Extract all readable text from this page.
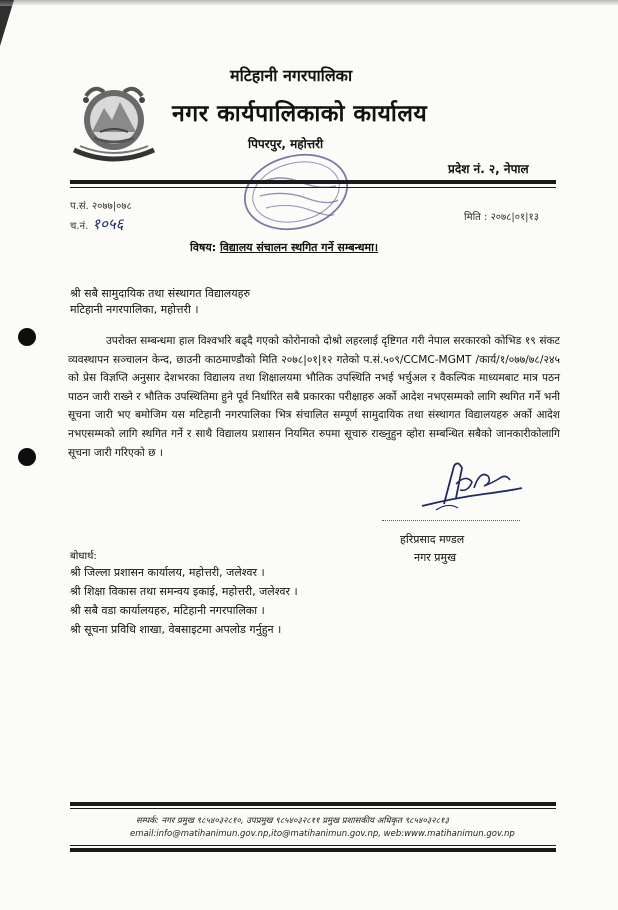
मटिहानी नगरपालिका
नगर कार्यपालिकाको कार्यालय
पिपरपुर, महोत्तरी
प्रदेश नं. २, नेपाल
प.सं. २०७७|०७८
च.नं. १०५६	मिति : २०७८|०१|१३
विषय: विद्यालय संचालन स्थगित गर्ने सम्बन्धमा।
श्री सबै सामुदायिक तथा संस्थागत विद्यालयहरु
मटिहानी नगरपालिका, महोत्तरी ।
उपरोक्त सम्बन्धमा हाल विश्वभरि बढ्दै गएको कोरोनाको दोश्रो लहरलाई दृष्टिगत गरी नेपाल सरकारको कोभिड १९ संकट व्यवस्थापन सञ्चालन केन्द, छाउनी काठमाण्डौको मिति २०७८|०१|१२ गतेको प.सं.५०९/CCMC-MGMT /कार्य/१/०७७/७८/२४५ को प्रेस विज्ञप्ति अनुसार देशभरका विद्यालय तथा शिक्षालयमा भौतिक उपस्थिति नभई भर्चुअल र वैकल्पिक माध्यमबाट मात्र पठन पाठन जारी राख्ने र भौतिक उपस्थितिमा हुने पूर्व निर्धारित सबै प्रकारका परीक्षाहरु अर्को आदेश नभएसम्मको लागि स्थगित गर्ने भनी सूचना जारी भए बमोजिम यस मटिहानी नगरपालिका भित्र संचालित सम्पूर्ण सामुदायिक तथा संस्थागत विद्यालयहरु अर्को आदेश नभएसम्मको लागि स्थगित गर्ने र साथै विद्यालय प्रशासन नियमित रुपमा सूचारु राख्नुहुन व्होरा सम्बन्धित सबैको जानकारीकोलागि सूचना जारी गरिएको छ ।
हरिप्रसाद मण्डल
नगर प्रमुख
बोधार्थ:
श्री जिल्ला प्रशासन कार्यालय, महोत्तरी, जलेश्वर ।
श्री शिक्षा विकास तथा समन्वय इकाई, महोत्तरी, जलेश्वर ।
श्री सबै वडा कार्यालयहरु, मटिहानी नगरपालिका ।
श्री सूचना प्रविधि शाखा, वेबसाइटमा अपलोड गर्नुहुन ।
सम्पर्क: नगर प्रमुख ९८५४०३२८१०, उपप्रमुख ९८५४०३२८११ प्रमुख प्रशासकीय अधिकृत ९८५४०३२८१३
email:info@matihanimun.gov.np,ito@matihanimun.gov.np, web:www.matihanimun.gov.np
